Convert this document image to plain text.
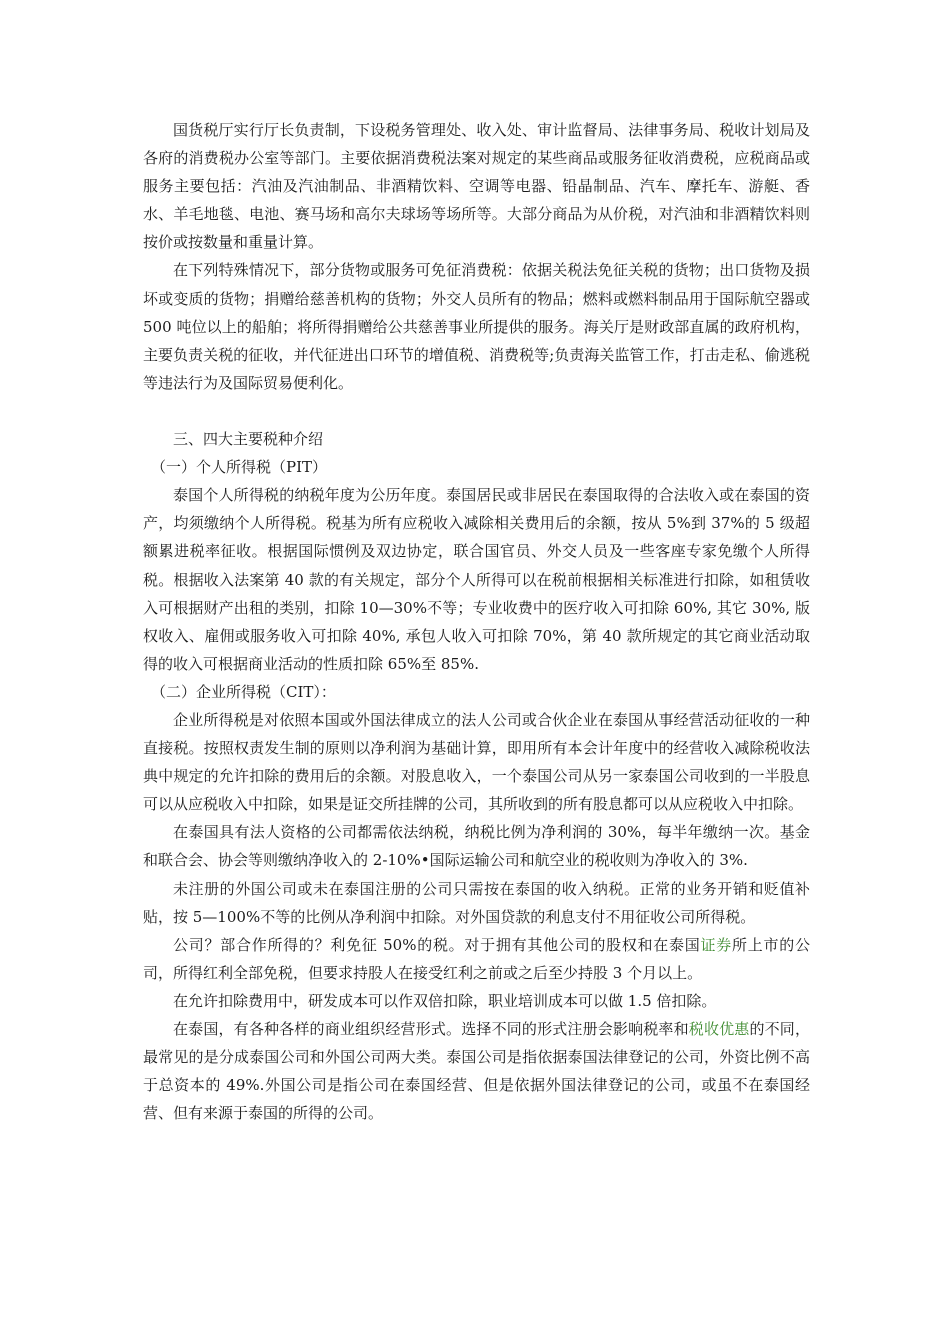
国货税厅实行厅长负责制，下设税务管理处、收入处、审计监督局、法律事务局、税收计划局及各府的消费税办公室等部门。主要依据消费税法案对规定的某些商品或服务征收消费税，应税商品或服务主要包括：汽油及汽油制品、非酒精饮料、空调等电器、铅晶制品、汽车、摩托车、游艇、香水、羊毛地毯、电池、赛马场和高尔夫球场等场所等。大部分商品为从价税，对汽油和非酒精饮料则按价或按数量和重量计算。

在下列特殊情况下，部分货物或服务可免征消费税：依据关税法免征关税的货物；出口货物及损坏或变质的货物；捐赠给慈善机构的货物；外交人员所有的物品；燃料或燃料制品用于国际航空器或 500 吨位以上的船舶；将所得捐赠给公共慈善事业所提供的服务。海关厅是财政部直属的政府机构，主要负责关税的征收，并代征进出口环节的增值税、消费税等;负责海关监管工作，打击走私、偷逃税等违法行为及国际贸易便利化。

三、四大主要税种介绍

（一）个人所得税（PIT）

泰国个人所得税的纳税年度为公历年度。泰国居民或非居民在泰国取得的合法收入或在泰国的资产，均须缴纳个人所得税。税基为所有应税收入减除相关费用后的余额，按从 5%到 37%的 5 级超额累进税率征收。根据国际惯例及双边协定，联合国官员、外交人员及一些客座专家免缴个人所得税。根据收入法案第 40 款的有关规定，部分个人所得可以在税前根据相关标准进行扣除，如租赁收入可根据财产出租的类别，扣除 10—30%不等；专业收费中的医疗收入可扣除 60%, 其它 30%, 版权收入、雇佣或服务收入可扣除 40%, 承包人收入可扣除 70%，第 40 款所规定的其它商业活动取得的收入可根据商业活动的性质扣除 65%至 85%.

（二）企业所得税（CIT）：

企业所得税是对依照本国或外国法律成立的法人公司或合伙企业在泰国从事经营活动征收的一种直接税。按照权责发生制的原则以净利润为基础计算，即用所有本会计年度中的经营收入减除税收法典中规定的允许扣除的费用后的余额。对股息收入，一个泰国公司从另一家泰国公司收到的一半股息可以从应税收入中扣除，如果是证交所挂牌的公司，其所收到的所有股息都可以从应税收入中扣除。

在泰国具有法人资格的公司都需依法纳税，纳税比例为净利润的 30%，每半年缴纳一次。基金和联合会、协会等则缴纳净收入的 2-10%•国际运输公司和航空业的税收则为净收入的 3%.

未注册的外国公司或未在泰国注册的公司只需按在泰国的收入纳税。正常的业务开销和贬值补贴，按 5—100%不等的比例从净利润中扣除。对外国贷款的利息支付不用征收公司所得税。

公司？部合作所得的？利免征 50%的税。对于拥有其他公司的股权和在泰国证券所上市的公司，所得红利全部免税，但要求持股人在接受红利之前或之后至少持股 3 个月以上。

在允许扣除费用中，研发成本可以作双倍扣除，职业培训成本可以做 1.5 倍扣除。

在泰国，有各种各样的商业组织经营形式。选择不同的形式注册会影响税率和税收优惠的不同，最常见的是分成泰国公司和外国公司两大类。泰国公司是指依据泰国法律登记的公司，外资比例不高于总资本的 49%.外国公司是指公司在泰国经营、但是依据外国法律登记的公司，或虽不在泰国经营、但有来源于泰国的所得的公司。
